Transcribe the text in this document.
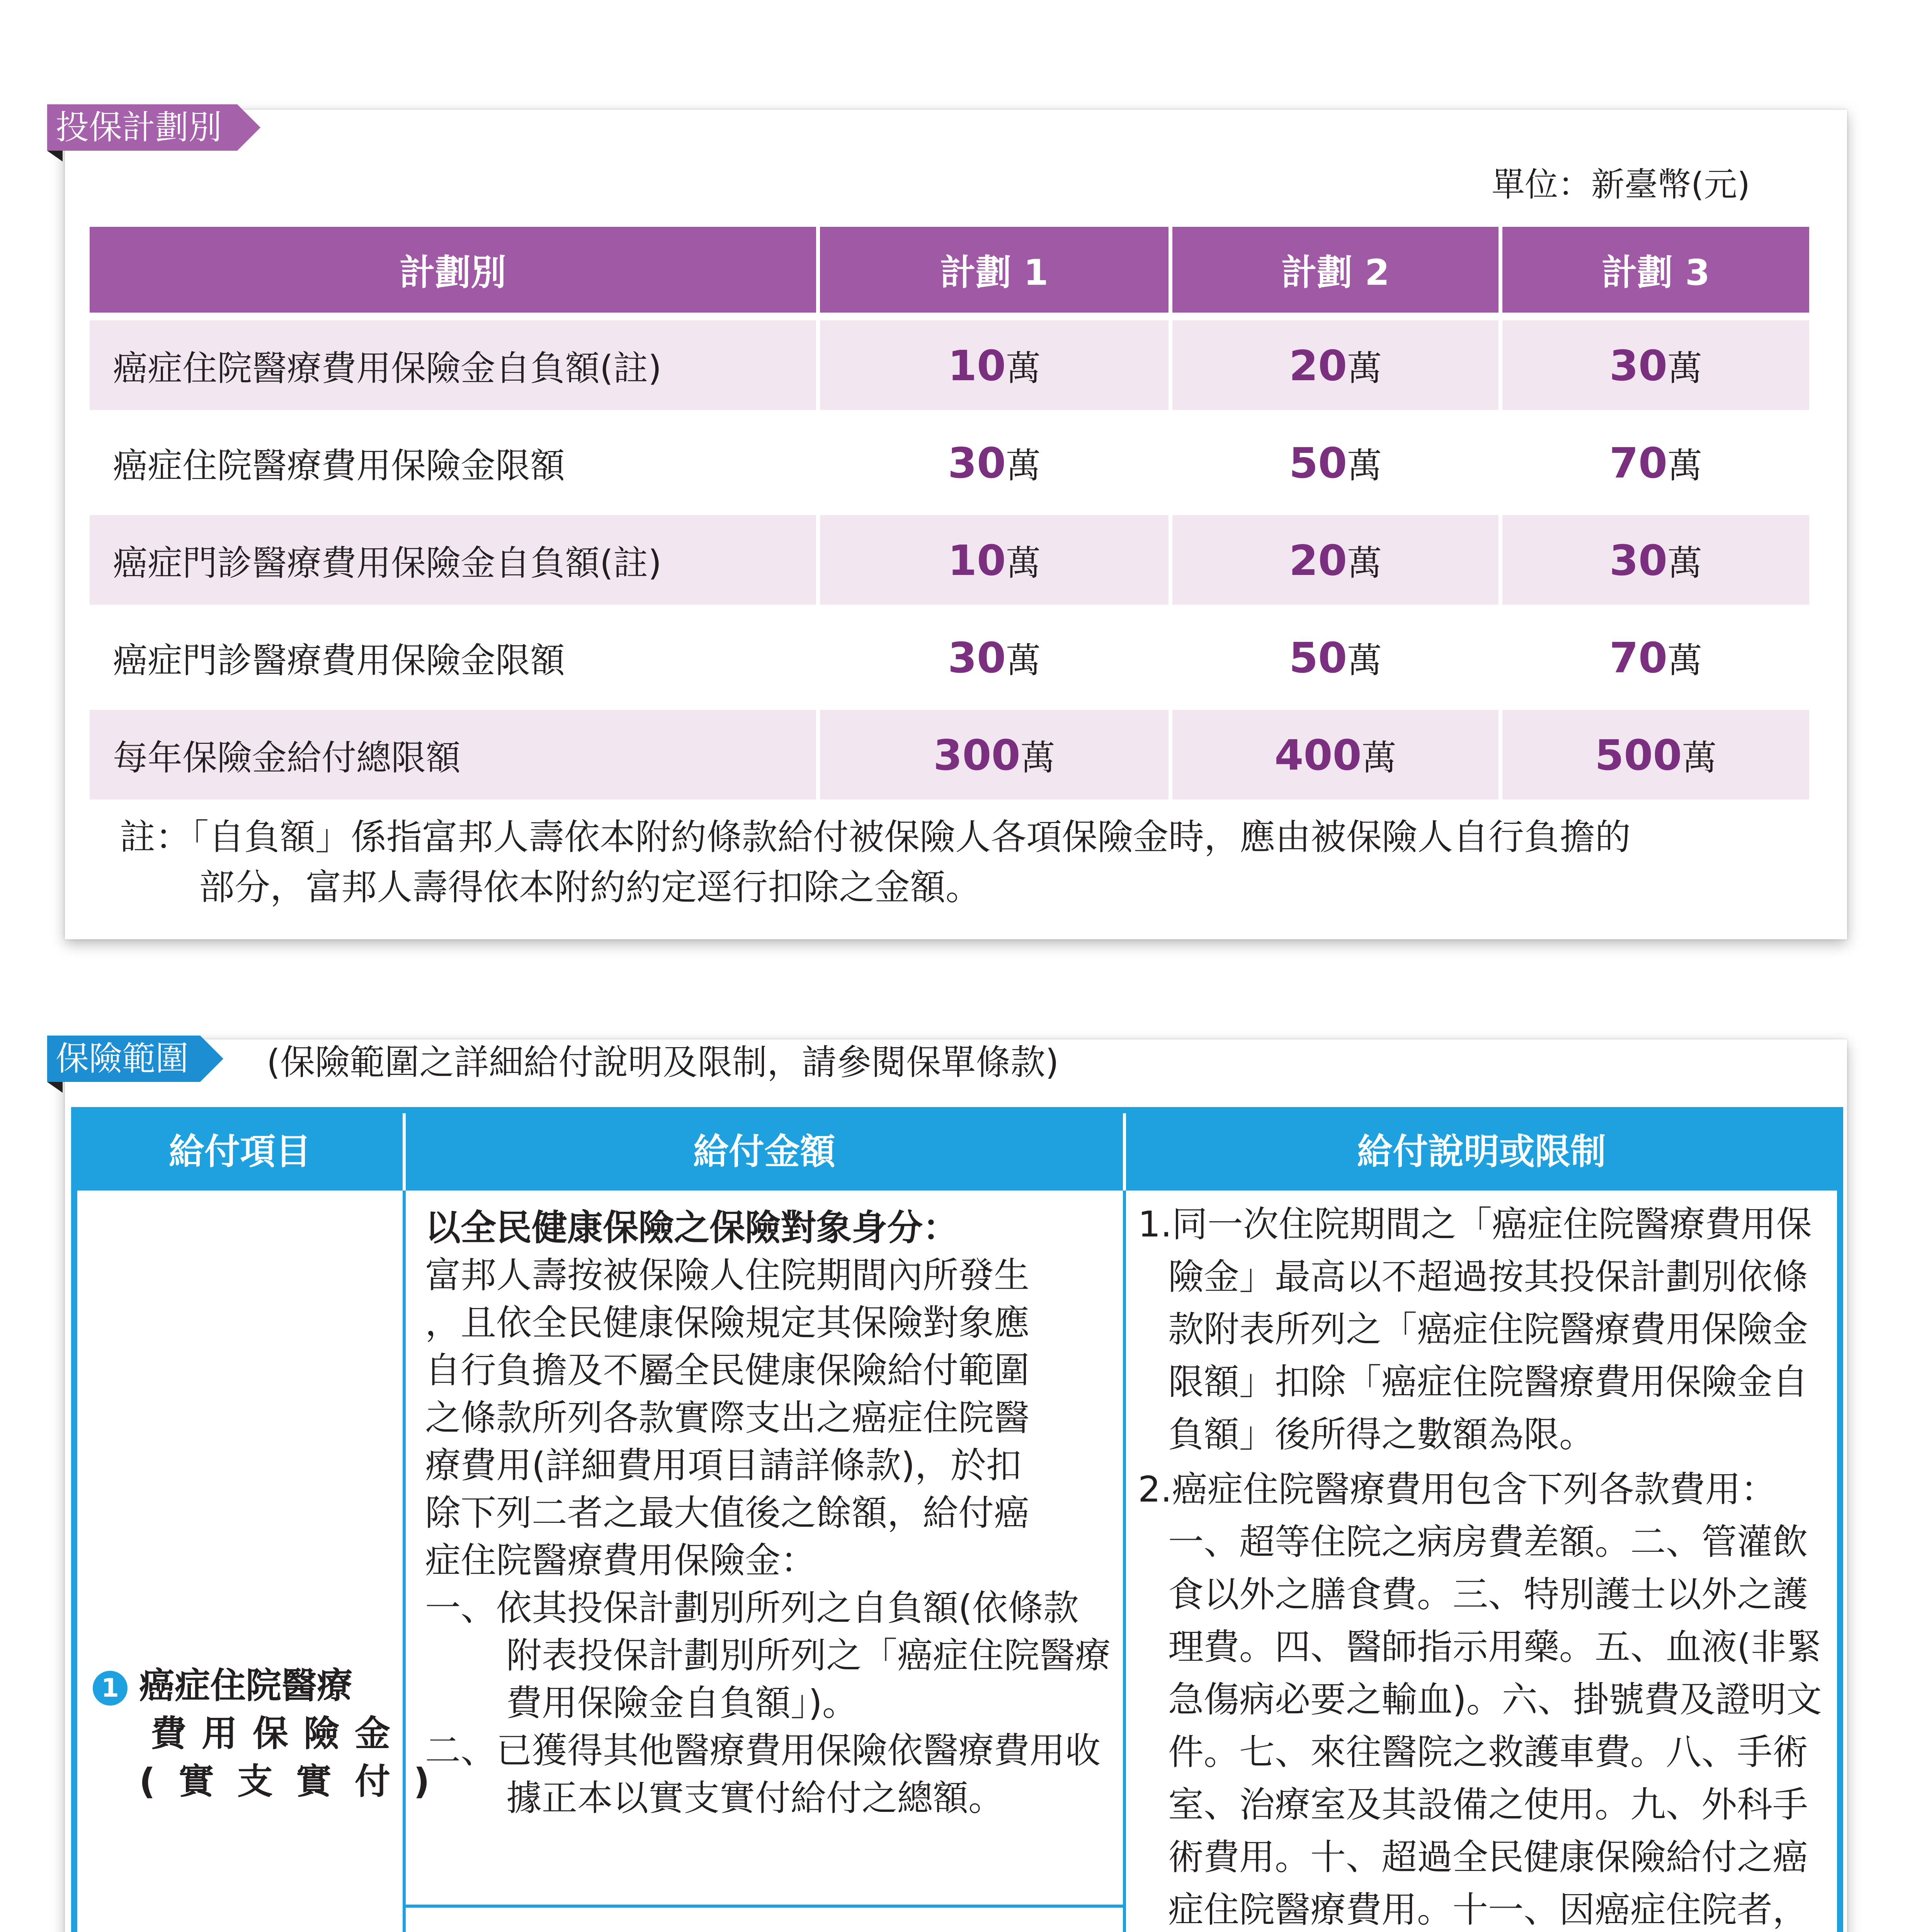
投保計劃別
單位：新臺幣(元)
計劃別	計劃 1	計劃 2	計劃 3
癌症住院醫療費用保險金自負額(註)	10萬	20萬	30萬
癌症住院醫療費用保險金限額	30萬	50萬	70萬
癌症門診醫療費用保險金自負額(註)	10萬	20萬	30萬
癌症門診醫療費用保險金限額	30萬	50萬	70萬
每年保險金給付總限額	300萬	400萬	500萬
註：「自負額」係指富邦人壽依本附約條款給付被保險人各項保險金時，應由被保險人自行負擔的
部分，富邦人壽得依本附約約定逕行扣除之金額。
保險範圍	(保險範圍之詳細給付說明及限制，請參閱保單條款)
給付項目	給付金額	給付說明或限制
1 癌症住院醫療
費用保險金
(實支實付)
以全民健康保險之保險對象身分：
富邦人壽按被保險人住院期間內所發生
，且依全民健康保險規定其保險對象應
自行負擔及不屬全民健康保險給付範圍
之條款所列各款實際支出之癌症住院醫
療費用(詳細費用項目請詳條款)，於扣
除下列二者之最大值後之餘額，給付癌
症住院醫療費用保險金：
一、依其投保計劃別所列之自負額(依條款附表投保計劃別所列之「癌症住院醫療費用保險金自負額」)。
二、已獲得其他醫療費用保險依醫療費用收據正本以實支實付給付之總額。
1.同一次住院期間之「癌症住院醫療費用保險金」最高以不超過按其投保計劃別依條款附表所列之「癌症住院醫療費用保險金限額」扣除「癌症住院醫療費用保險金自負額」後所得之數額為限。
2.癌症住院醫療費用包含下列各款費用：一、超等住院之病房費差額。二、管灌飲食以外之膳食費。三、特別護士以外之護理費。四、醫師指示用藥。五、血液(非緊急傷病必要之輸血)。六、掛號費及證明文件。七、來往醫院之救護車費。八、手術室、治療室及其設備之使用。九、外科手術費用。十、超過全民健康保險給付之癌症住院醫療費用。十一、因癌症住院者，
